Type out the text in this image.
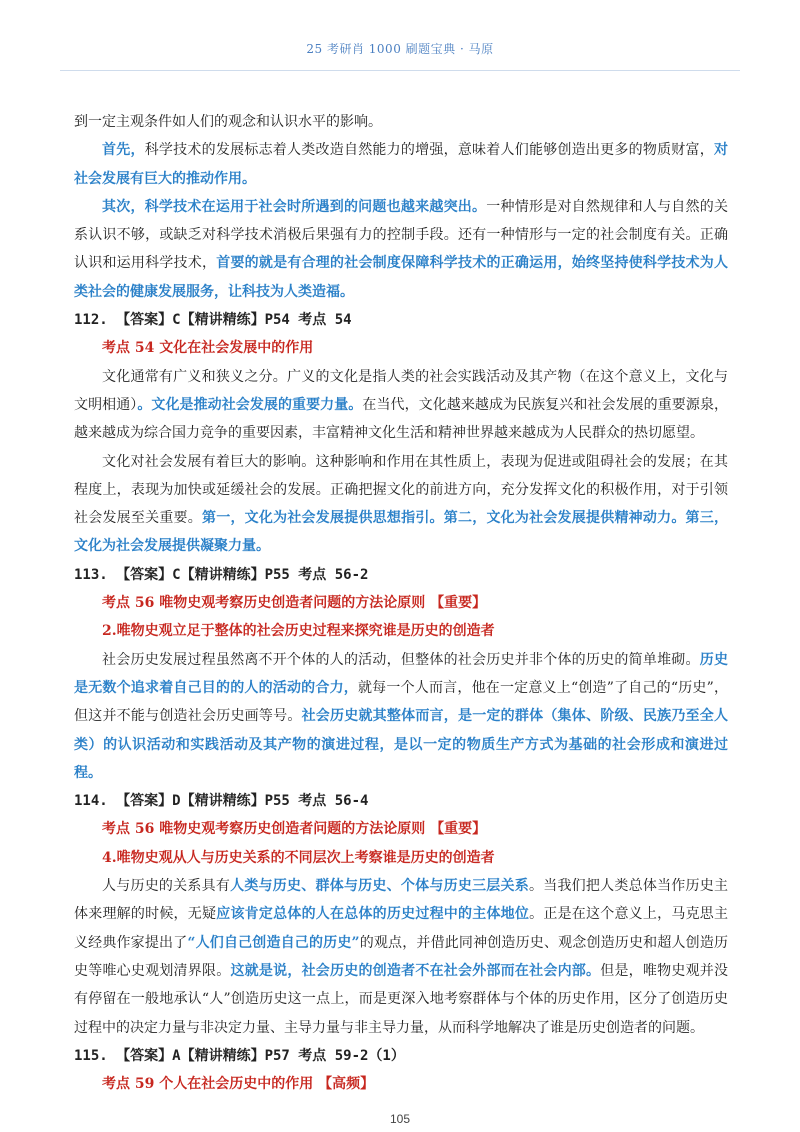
25 考研肖 1000 刷题宝典 · 马原

到一定主观条件如人们的观念和认识水平的影响。

首先，科学技术的发展标志着人类改造自然能力的增强，意味着人们能够创造出更多的物质财富，对社会发展有巨大的推动作用。

其次，科学技术在运用于社会时所遇到的问题也越来越突出。一种情形是对自然规律和人与自然的关系认识不够，或缺乏对科学技术消极后果强有力的控制手段。还有一种情形与一定的社会制度有关。正确认识和运用科学技术，首要的就是有合理的社会制度保障科学技术的正确运用，始终坚持使科学技术为人类社会的健康发展服务，让科技为人类造福。

112. 【答案】C【精讲精练】P54 考点 54

考点 54 文化在社会发展中的作用

文化通常有广义和狭义之分。广义的文化是指人类的社会实践活动及其产物（在这个意义上，文化与文明相通）。文化是推动社会发展的重要力量。在当代，文化越来越成为民族复兴和社会发展的重要源泉，越来越成为综合国力竞争的重要因素，丰富精神文化生活和精神世界越来越成为人民群众的热切愿望。

文化对社会发展有着巨大的影响。这种影响和作用在其性质上，表现为促进或阻碍社会的发展；在其程度上，表现为加快或延缓社会的发展。正确把握文化的前进方向，充分发挥文化的积极作用，对于引领社会发展至关重要。第一，文化为社会发展提供思想指引。第二，文化为社会发展提供精神动力。第三，文化为社会发展提供凝聚力量。

113. 【答案】C【精讲精练】P55 考点 56-2

考点 56 唯物史观考察历史创造者问题的方法论原则 【重要】

2.唯物史观立足于整体的社会历史过程来探究谁是历史的创造者

社会历史发展过程虽然离不开个体的人的活动，但整体的社会历史并非个体的历史的简单堆砌。历史是无数个追求着自己目的的人的活动的合力，就每一个人而言，他在一定意义上“创造”了自己的“历史”，但这并不能与创造社会历史画等号。社会历史就其整体而言，是一定的群体（集体、阶级、民族乃至全人类）的认识活动和实践活动及其产物的演进过程，是以一定的物质生产方式为基础的社会形成和演进过程。

114. 【答案】D【精讲精练】P55 考点 56-4

考点 56 唯物史观考察历史创造者问题的方法论原则 【重要】

4.唯物史观从人与历史关系的不同层次上考察谁是历史的创造者

人与历史的关系具有人类与历史、群体与历史、个体与历史三层关系。当我们把人类总体当作历史主体来理解的时候，无疑应该肯定总体的人在总体的历史过程中的主体地位。正是在这个意义上，马克思主义经典作家提出了“人们自己创造自己的历史”的观点，并借此同神创造历史、观念创造历史和超人创造历史等唯心史观划清界限。这就是说，社会历史的创造者不在社会外部而在社会内部。但是，唯物史观并没有停留在一般地承认“人”创造历史这一点上，而是更深入地考察群体与个体的历史作用，区分了创造历史过程中的决定力量与非决定力量、主导力量与非主导力量，从而科学地解决了谁是历史创造者的问题。

115. 【答案】A【精讲精练】P57 考点 59-2（1）

考点 59 个人在社会历史中的作用 【高频】

105
